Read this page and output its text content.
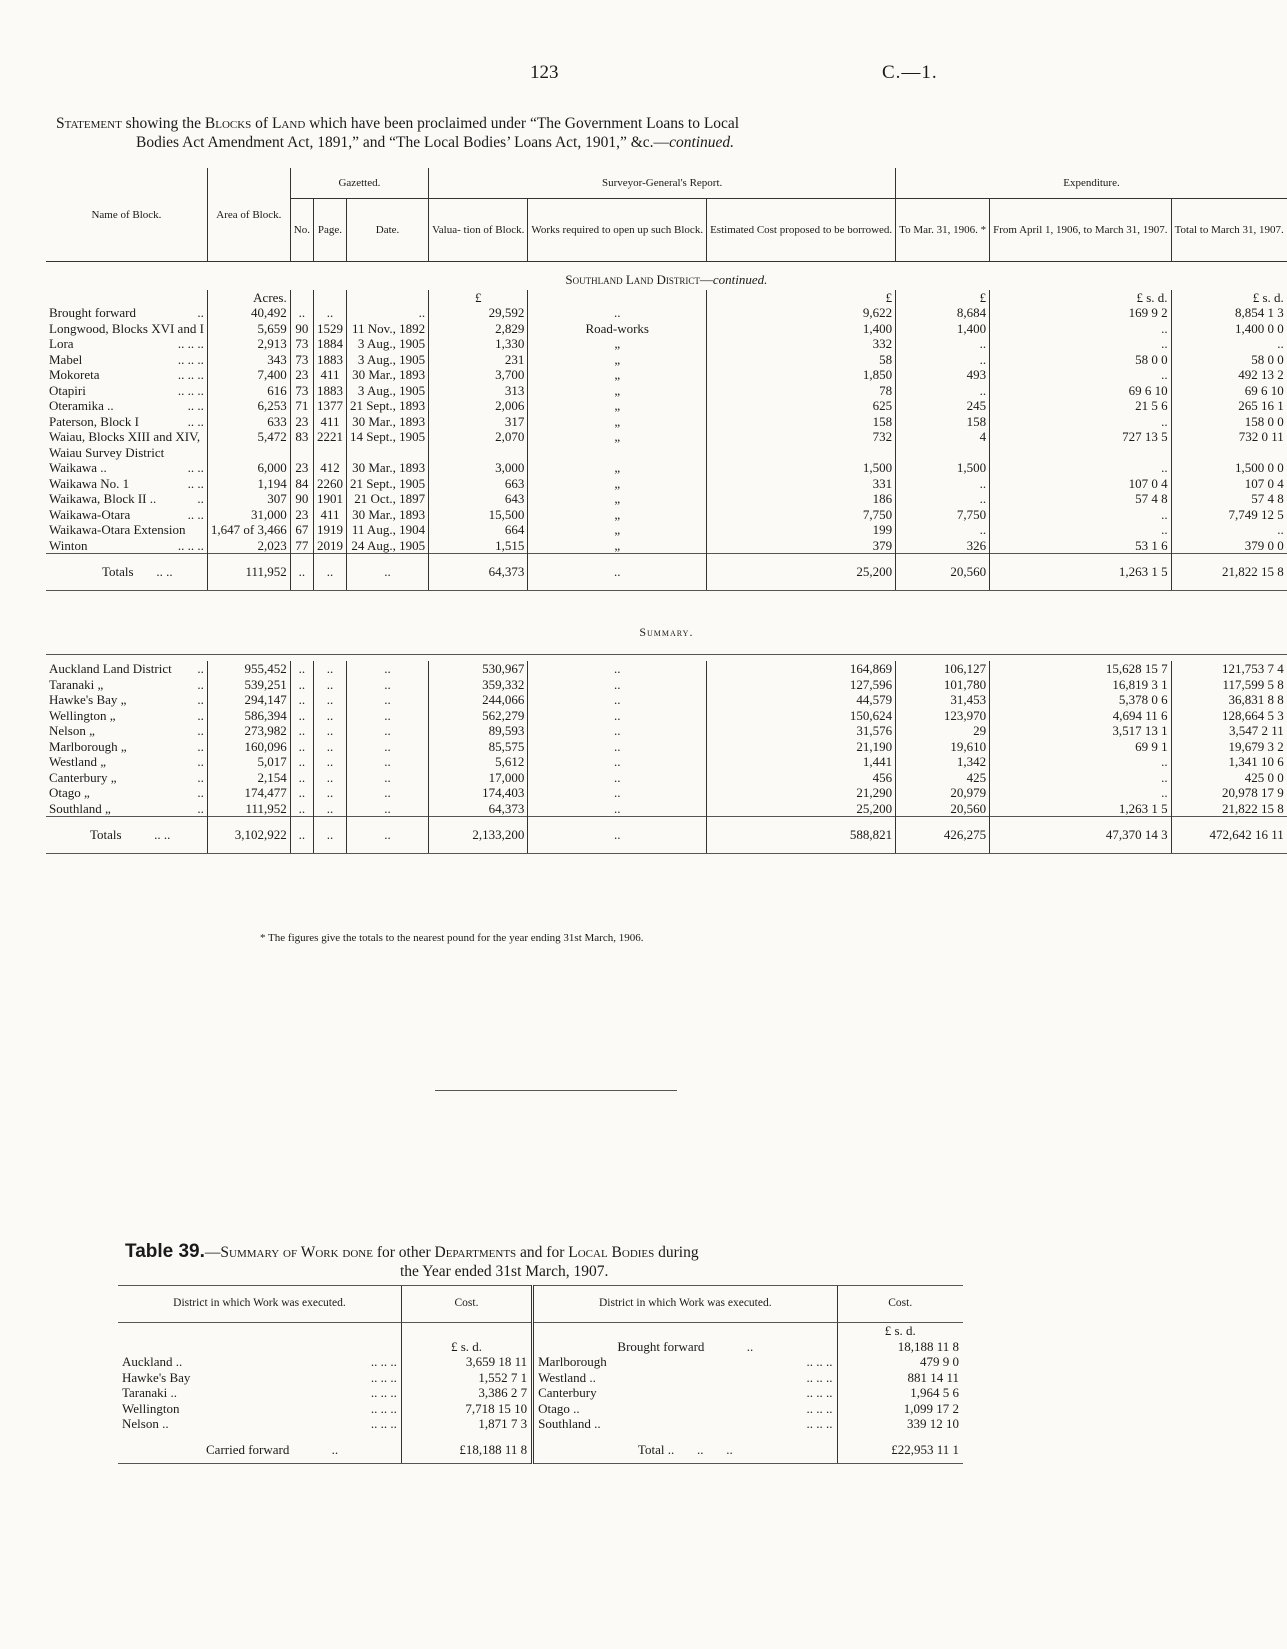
123	C.—1.
Statement showing the Blocks of Land which have been proclaimed under “The Government Loans to Local
Bodies Act Amendment Act, 1891,” and “The Local Bodies’ Loans Act, 1901,” &c.—continued.
Name of Block.	Area of Block.	Gazetted.			Surveyor-General's Report.			Expenditure.		
		No.	Page.	Date.	Valua- tion of Block.	Works required to open up such Block.	Estimated Cost proposed to be borrowed.	To Mar. 31, 1906. *	From April 1, 1906, to March 31, 1907.	Total to March 31, 1907.
Southland Land District—continued.										
	Acres.				£		£	£	£ s. d.	£ s. d.
Brought forward ..	40,492	..	..	..	29,592	..	9,622	8,684	169 9 2	8,854 1 3
Longwood, Blocks XVI and I	5,659	90	1529	11 Nov., 1892	2,829	Road-works	1,400	1,400	..	1,400 0 0
Lora .. .. ..	2,913	73	1884	3 Aug., 1905	1,330	„	332	..	..	..
Mabel .. .. ..	343	73	1883	3 Aug., 1905	231	„	58	..	58 0 0	58 0 0
Mokoreta .. .. ..	7,400	23	411	30 Mar., 1893	3,700	„	1,850	493	..	492 13 2
Otapiri .. .. ..	616	73	1883	3 Aug., 1905	313	„	78	..	69 6 10	69 6 10
Oteramika .. .. ..	6,253	71	1377	21 Sept., 1893	2,006	„	625	245	21 5 6	265 16 1
Paterson, Block I .. ..	633	23	411	30 Mar., 1893	317	„	158	158	..	158 0 0
Waiau, Blocks XIII and XIV,	5,472	83	2221	14 Sept., 1905	2,070	„	732	4	727 13 5	732 0 11
Waiau Survey District										
Waikawa .. .. ..	6,000	23	412	30 Mar., 1893	3,000	„	1,500	1,500	..	1,500 0 0
Waikawa No. 1 .. ..	1,194	84	2260	21 Sept., 1905	663	„	331	..	107 0 4	107 0 4
Waikawa, Block II .. ..	307	90	1901	21 Oct., 1897	643	„	186	..	57 4 8	57 4 8
Waikawa-Otara .. ..	31,000	23	411	30 Mar., 1893	15,500	„	7,750	7,750	..	7,749 12 5
Waikawa-Otara Extension	1,647 of 3,466	67	1919	11 Aug., 1904	664	„	199	..	..	..
Winton .. .. ..	2,023	77	2019	24 Aug., 1905	1,515	„	379	326	53 1 6	379 0 0
Totals .. ..	111,952	..	..	..	64,373	..	25,200	20,560	1,263 1 5	21,822 15 8
Summary.										

Auckland Land District ..	955,452	..	..	..	530,967	..	164,869	106,127	15,628 15 7	121,753 7 4
Taranaki „ ..	539,251	..	..	..	359,332	..	127,596	101,780	16,819 3 1	117,599 5 8
Hawke's Bay „ ..	294,147	..	..	..	244,066	..	44,579	31,453	5,378 0 6	36,831 8 8
Wellington „ ..	586,394	..	..	..	562,279	..	150,624	123,970	4,694 11 6	128,664 5 3
Nelson „ ..	273,982	..	..	..	89,593	..	31,576	29	3,517 13 1	3,547 2 11
Marlborough „ ..	160,096	..	..	..	85,575	..	21,190	19,610	69 9 1	19,679 3 2
Westland „ ..	5,017	..	..	..	5,612	..	1,441	1,342	..	1,341 10 6
Canterbury „ ..	2,154	..	..	..	17,000	..	456	425	..	425 0 0
Otago „ ..	174,477	..	..	..	174,403	..	21,290	20,979	..	20,978 17 9
Southland „ ..	111,952	..	..	..	64,373	..	25,200	20,560	1,263 1 5	21,822 15 8
Totals .. ..	3,102,922	..	..	..	2,133,200	..	588,821	426,275	47,370 14 3	472,642 16 11
* The figures give the totals to the nearest pound for the year ending 31st March, 1906.
Table 39.—Summary of Work done for other Departments and for Local Bodies during
the Year ended 31st March, 1907.
District in which Work was executed.	Cost.	District in which Work was executed.	Cost.
			£ s. d.
	£ s. d.	Brought forward             ..	18,188 11 8
Auckland .. .. .. ..	3,659 18 11	Marlborough .. .. ..	479 9 0
Hawke's Bay .. .. ..	1,552 7 1	Westland .. .. .. ..	881 14 11
Taranaki .. .. .. ..	3,386 2 7	Canterbury .. .. ..	1,964 5 6
Wellington .. .. ..	7,718 15 10	Otago .. .. .. ..	1,099 17 2
Nelson .. .. .. ..	1,871 7 3	Southland .. .. .. ..	339 12 10
Carried forward             ..	£18,188 11 8	Total ..       ..       ..	£22,953 11 1
